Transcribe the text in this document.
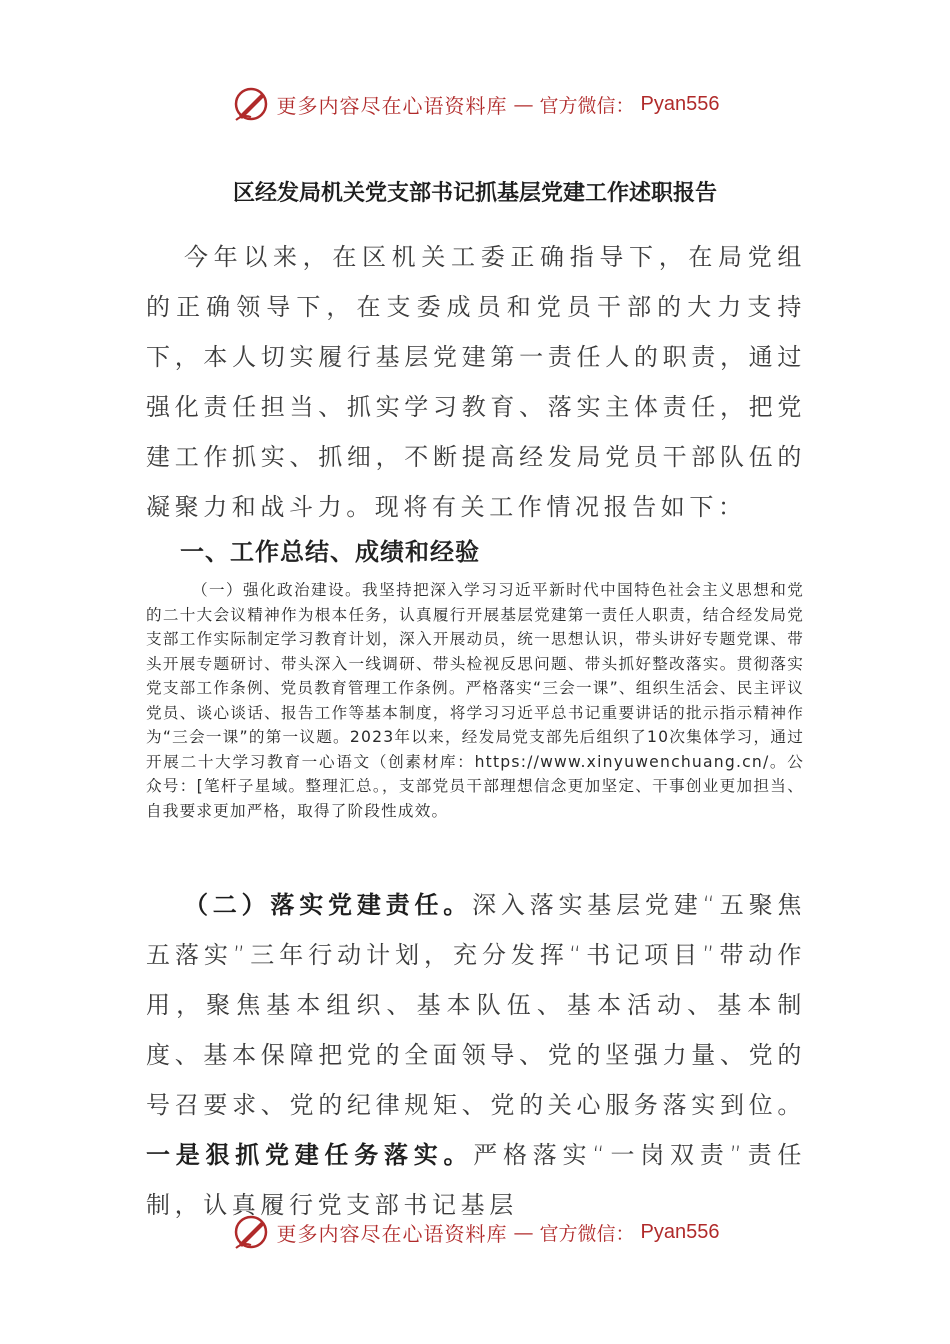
更多内容尽在心语资料库 — 官方微信： Pyan556
区经发局机关党支部书记抓基层党建工作述职报告
今年以来，在区机关工委正确指导下，在局党组的正确领导下，在支委成员和党员干部的大力支持下，本人切实履行基层党建第一责任人的职责，通过强化责任担当、抓实学习教育、落实主体责任，把党建工作抓实、抓细，不断提高经发局党员干部队伍的凝聚力和战斗力。现将有关工作情况报告如下：
一、工作总结、成绩和经验
（一）强化政治建设。我坚持把深入学习习近平新时代中国特色社会主义思想和党的二十大会议精神作为根本任务，认真履行开展基层党建第一责任人职责，结合经发局党支部工作实际制定学习教育计划，深入开展动员，统一思想认识，带头讲好专题党课、带头开展专题研讨、带头深入一线调研、带头检视反思问题、带头抓好整改落实。贯彻落实党支部工作条例、党员教育管理工作条例。严格落实“三会一课”、组织生活会、民主评议党员、谈心谈话、报告工作等基本制度，将学习习近平总书记重要讲话的批示指示精神作为“三会一课”的第一议题。2023年以来，经发局党支部先后组织了10次集体学习，通过开展二十大学习教育一心语文（创素材库：https://www.xinyuwenchuang.cn/。公众号：[笔杆子星域。整理汇总。，支部党员干部理想信念更加坚定、干事创业更加担当、自我要求更加严格，取得了阶段性成效。
（二）落实党建责任。深入落实基层党建“五聚焦五落实”三年行动计划，充分发挥“书记项目”带动作用，聚焦基本组织、基本队伍、基本活动、基本制度、基本保障把党的全面领导、党的坚强力量、党的号召要求、党的纪律规矩、党的关心服务落实到位。一是狠抓党建任务落实。严格落实“一岗双责”责任制，认真履行党支部书记基层
更多内容尽在心语资料库 — 官方微信： Pyan556
